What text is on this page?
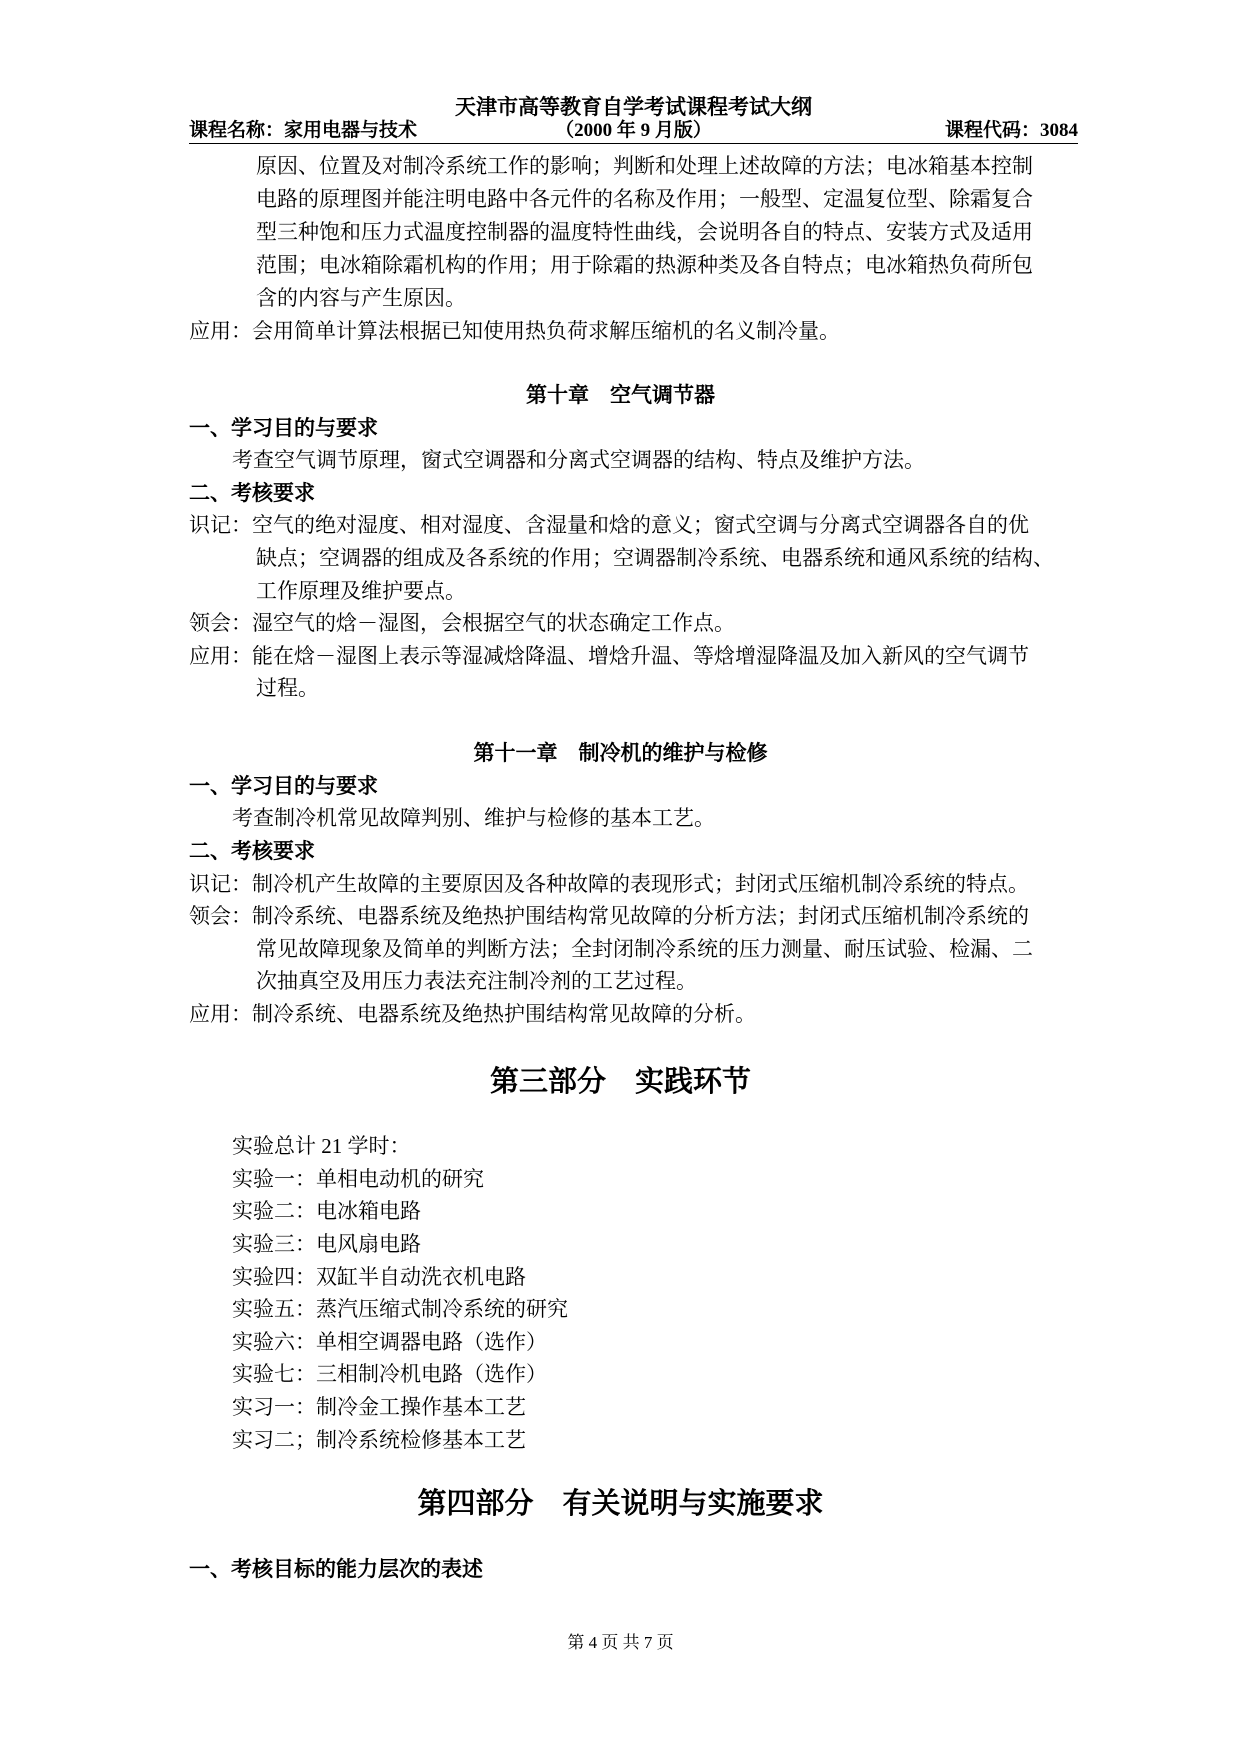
天津市高等教育自学考试课程考试大纲
课程名称：家用电器与技术	（2000 年 9 月版）	课程代码：3084
原因、位置及对制冷系统工作的影响；判断和处理上述故障的方法；电冰箱基本控制
电路的原理图并能注明电路中各元件的名称及作用；一般型、定温复位型、除霜复合
型三种饱和压力式温度控制器的温度特性曲线，会说明各自的特点、安装方式及适用
范围；电冰箱除霜机构的作用；用于除霜的热源种类及各自特点；电冰箱热负荷所包
含的内容与产生原因。
应用：会用简单计算法根据已知使用热负荷求解压缩机的名义制冷量。
第十章　空气调节器
一、学习目的与要求
考查空气调节原理，窗式空调器和分离式空调器的结构、特点及维护方法。
二、考核要求
识记：空气的绝对湿度、相对湿度、含湿量和焓的意义；窗式空调与分离式空调器各自的优
缺点；空调器的组成及各系统的作用；空调器制冷系统、电器系统和通风系统的结构、
工作原理及维护要点。
领会：湿空气的焓－湿图，会根据空气的状态确定工作点。
应用：能在焓－湿图上表示等湿减焓降温、增焓升温、等焓增湿降温及加入新风的空气调节
过程。
第十一章　制冷机的维护与检修
一、学习目的与要求
考查制冷机常见故障判别、维护与检修的基本工艺。
二、考核要求
识记：制冷机产生故障的主要原因及各种故障的表现形式；封闭式压缩机制冷系统的特点。
领会：制冷系统、电器系统及绝热护围结构常见故障的分析方法；封闭式压缩机制冷系统的
常见故障现象及简单的判断方法；全封闭制冷系统的压力测量、耐压试验、检漏、二
次抽真空及用压力表法充注制冷剂的工艺过程。
应用：制冷系统、电器系统及绝热护围结构常见故障的分析。
第三部分　实践环节
实验总计 21 学时：
实验一：单相电动机的研究
实验二：电冰箱电路
实验三：电风扇电路
实验四：双缸半自动洗衣机电路
实验五：蒸汽压缩式制冷系统的研究
实验六：单相空调器电路（选作）
实验七：三相制冷机电路（选作）
实习一：制冷金工操作基本工艺
实习二；制冷系统检修基本工艺
第四部分　有关说明与实施要求
一、考核目标的能力层次的表述
第 4 页 共 7 页
